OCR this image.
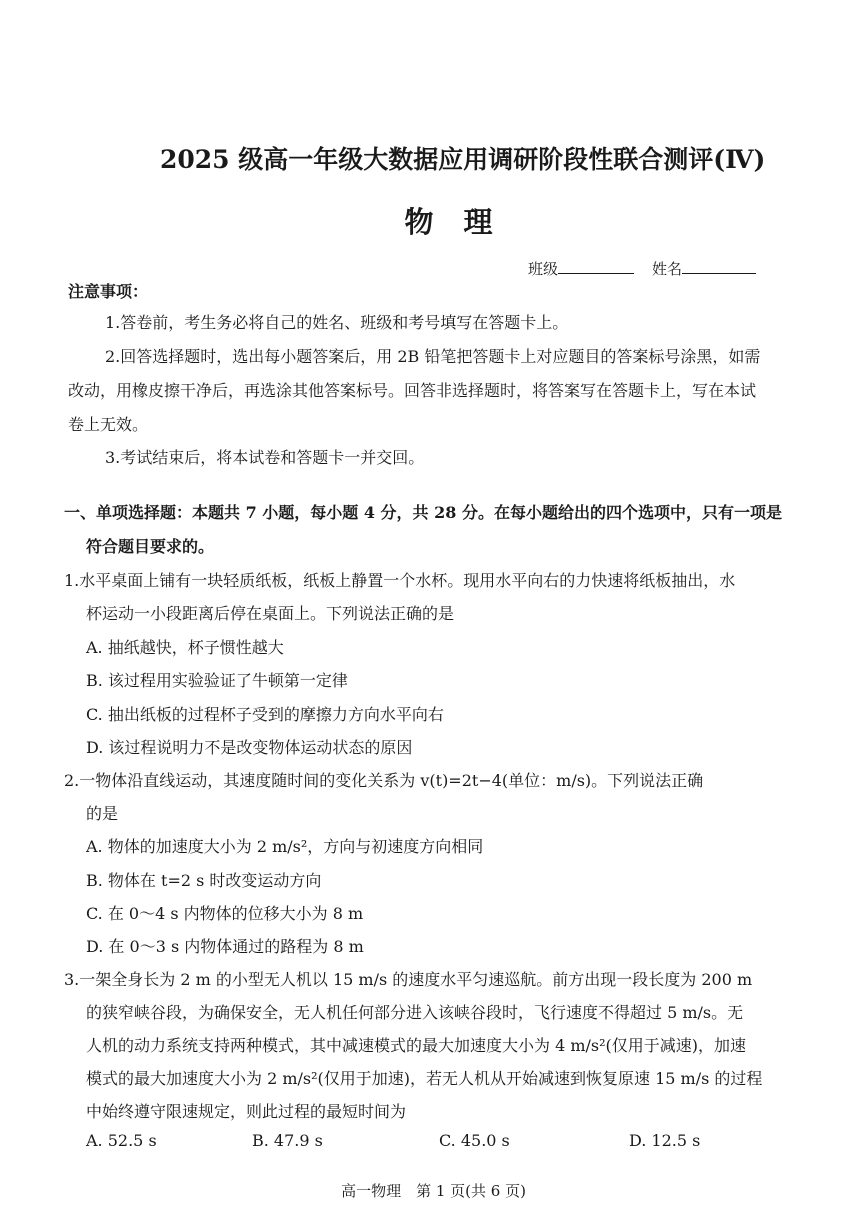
2025 级高一年级大数据应用调研阶段性联合测评(Ⅳ)
物理
班级	姓名
注意事项：
1.答卷前，考生务必将自己的姓名、班级和考号填写在答题卡上。
2.回答选择题时，选出每小题答案后，用 2B 铅笔把答题卡上对应题目的答案标号涂黑，如需
改动，用橡皮擦干净后，再选涂其他答案标号。回答非选择题时，将答案写在答题卡上，写在本试
卷上无效。
3.考试结束后，将本试卷和答题卡一并交回。
一、单项选择题：本题共 7 小题，每小题 4 分，共 28 分。在每小题给出的四个选项中，只有一项是
符合题目要求的。
1.水平桌面上铺有一块轻质纸板，纸板上静置一个水杯。现用水平向右的力快速将纸板抽出，水
杯运动一小段距离后停在桌面上。下列说法正确的是
A. 抽纸越快，杯子惯性越大
B. 该过程用实验验证了牛顿第一定律
C. 抽出纸板的过程杯子受到的摩擦力方向水平向右
D. 该过程说明力不是改变物体运动状态的原因
2.一物体沿直线运动，其速度随时间的变化关系为 v(t)=2t−4(单位：m/s)。下列说法正确
的是
A. 物体的加速度大小为 2 m/s²，方向与初速度方向相同
B. 物体在 t=2 s 时改变运动方向
C. 在 0～4 s 内物体的位移大小为 8 m
D. 在 0～3 s 内物体通过的路程为 8 m
3.一架全身长为 2 m 的小型无人机以 15 m/s 的速度水平匀速巡航。前方出现一段长度为 200 m
的狭窄峡谷段，为确保安全，无人机任何部分进入该峡谷段时，飞行速度不得超过 5 m/s。无
人机的动力系统支持两种模式，其中减速模式的最大加速度大小为 4 m/s²(仅用于减速)，加速
模式的最大加速度大小为 2 m/s²(仅用于加速)，若无人机从开始减速到恢复原速 15 m/s 的过程
中始终遵守限速规定，则此过程的最短时间为
A. 52.5 s	B. 47.9 s	C. 45.0 s	D. 12.5 s
高一物理　第 1 页(共 6 页)
